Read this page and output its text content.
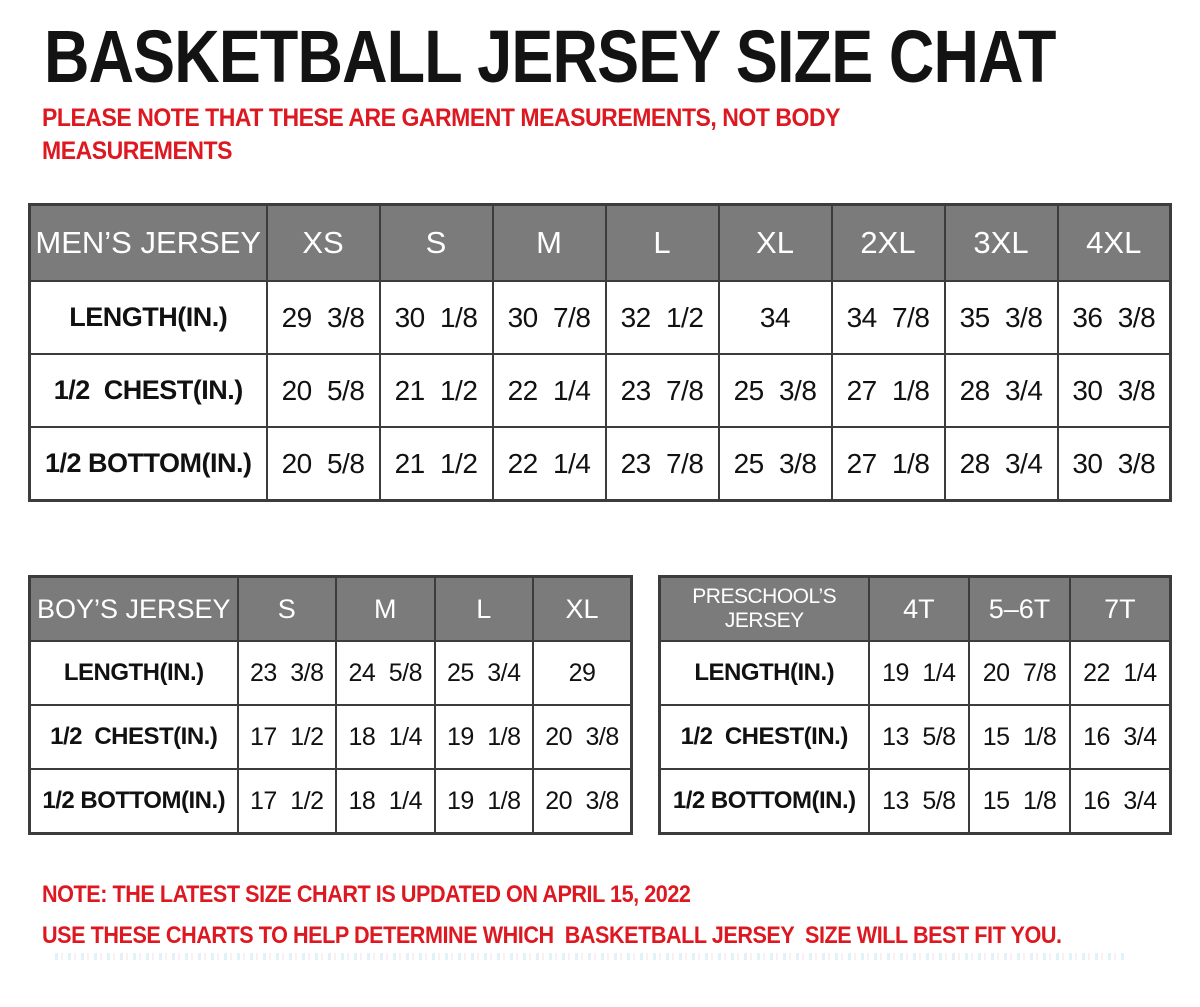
BASKETBALL JERSEY SIZE CHAT
PLEASE NOTE THAT THESE ARE GARMENT MEASUREMENTS, NOT BODY
MEASUREMENTS
MEN’S JERSEY	XS	S	M	L	XL	2XL	3XL	4XL
LENGTH(IN.)	29 3/8	30 1/8	30 7/8	32 1/2	34	34 7/8	35 3/8	36 3/8
1/2  CHEST(IN.)	20 5/8	21 1/2	22 1/4	23 7/8	25 3/8	27 1/8	28 3/4	30 3/8
1/2 BOTTOM(IN.)	20 5/8	21 1/2	22 1/4	23 7/8	25 3/8	27 1/8	28 3/4	30 3/8
BOY’S JERSEY	S	M	L	XL
LENGTH(IN.)	23 3/8	24 5/8	25 3/4	29
1/2  CHEST(IN.)	17 1/2	18 1/4	19 1/8	20 3/8
1/2 BOTTOM(IN.)	17 1/2	18 1/4	19 1/8	20 3/8
PRESCHOOL’S JERSEY	4T	5–6T	7T
LENGTH(IN.)	19 1/4	20 7/8	22 1/4
1/2  CHEST(IN.)	13 5/8	15 1/8	16 3/4
1/2 BOTTOM(IN.)	13 5/8	15 1/8	16 3/4
NOTE: THE LATEST SIZE CHART IS UPDATED ON APRIL 15, 2022
USE THESE CHARTS TO HELP DETERMINE WHICH  BASKETBALL JERSEY  SIZE WILL BEST FIT YOU.
